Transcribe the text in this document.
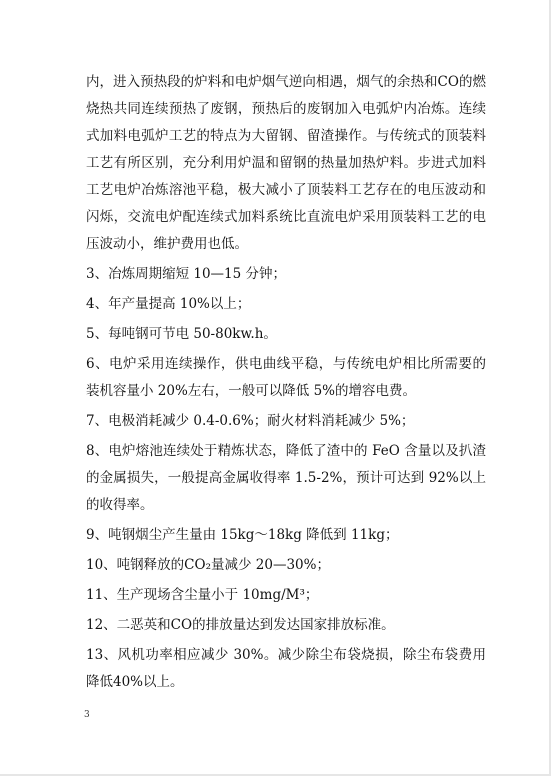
内，进入预热段的炉料和电炉烟气逆向相遇，烟气的余热和CO的燃烧热共同连续预热了废钢，预热后的废钢加入电弧炉内冶炼。连续式加料电弧炉工艺的特点为大留钢、留渣操作。与传统式的顶装料工艺有所区别，充分利用炉温和留钢的热量加热炉料。步进式加料工艺电炉冶炼溶池平稳，极大减小了顶装料工艺存在的电压波动和闪烁，交流电炉配连续式加料系统比直流电炉采用顶装料工艺的电压波动小，维护费用也低。

3、冶炼周期缩短 10—15 分钟；

4、年产量提高 10%以上；

5、每吨钢可节电 50-80kw.h。

6、电炉采用连续操作，供电曲线平稳，与传统电炉相比所需要的装机容量小 20%左右，一般可以降低 5%的增容电费。

7、电极消耗减少 0.4-0.6%；耐火材料消耗减少 5%；

8、电炉熔池连续处于精炼状态，降低了渣中的 FeO 含量以及扒渣的金属损失，一般提高金属收得率 1.5-2%，预计可达到 92%以上的收得率。

9、吨钢烟尘产生量由 15kg～18kg 降低到 11kg；

10、吨钢释放的CO₂量减少 20—30%；

11、生产现场含尘量小于 10mg/M³；

12、二恶英和CO的排放量达到发达国家排放标准。

13、风机功率相应减少 30%。减少除尘布袋烧损，除尘布袋费用降低40%以上。

3
